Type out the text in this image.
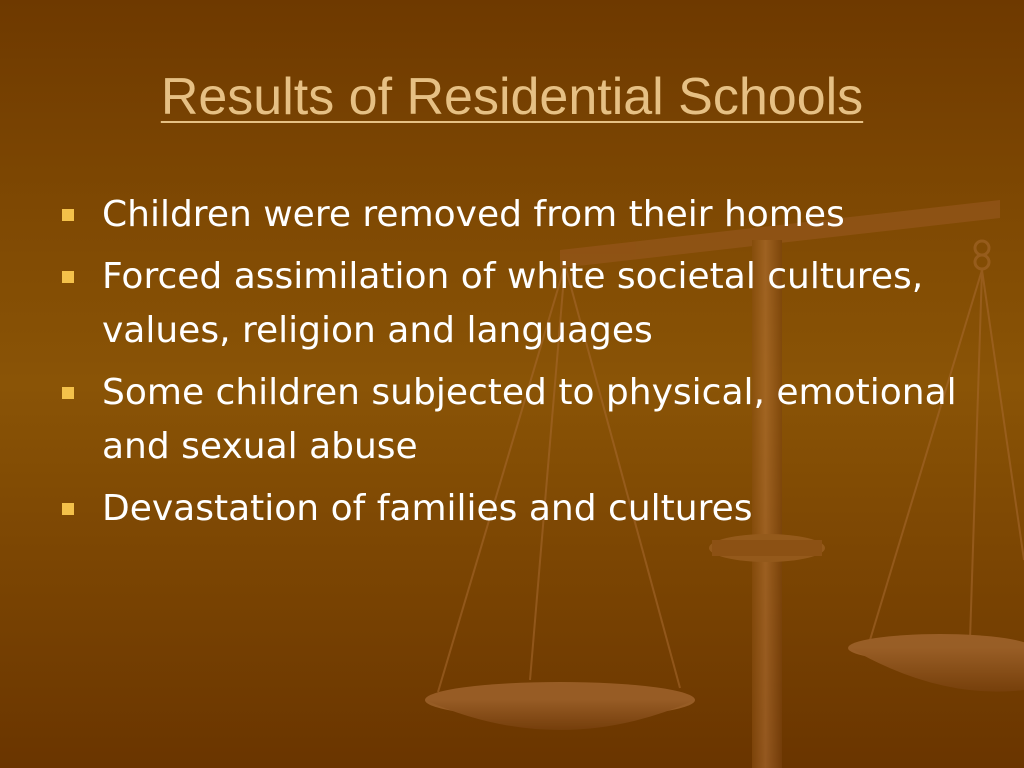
Results of Residential Schools
Children were removed from their homes
Forced assimilation of white societal cultures, values, religion and languages
Some children subjected to physical, emotional and sexual abuse
Devastation of families and cultures
